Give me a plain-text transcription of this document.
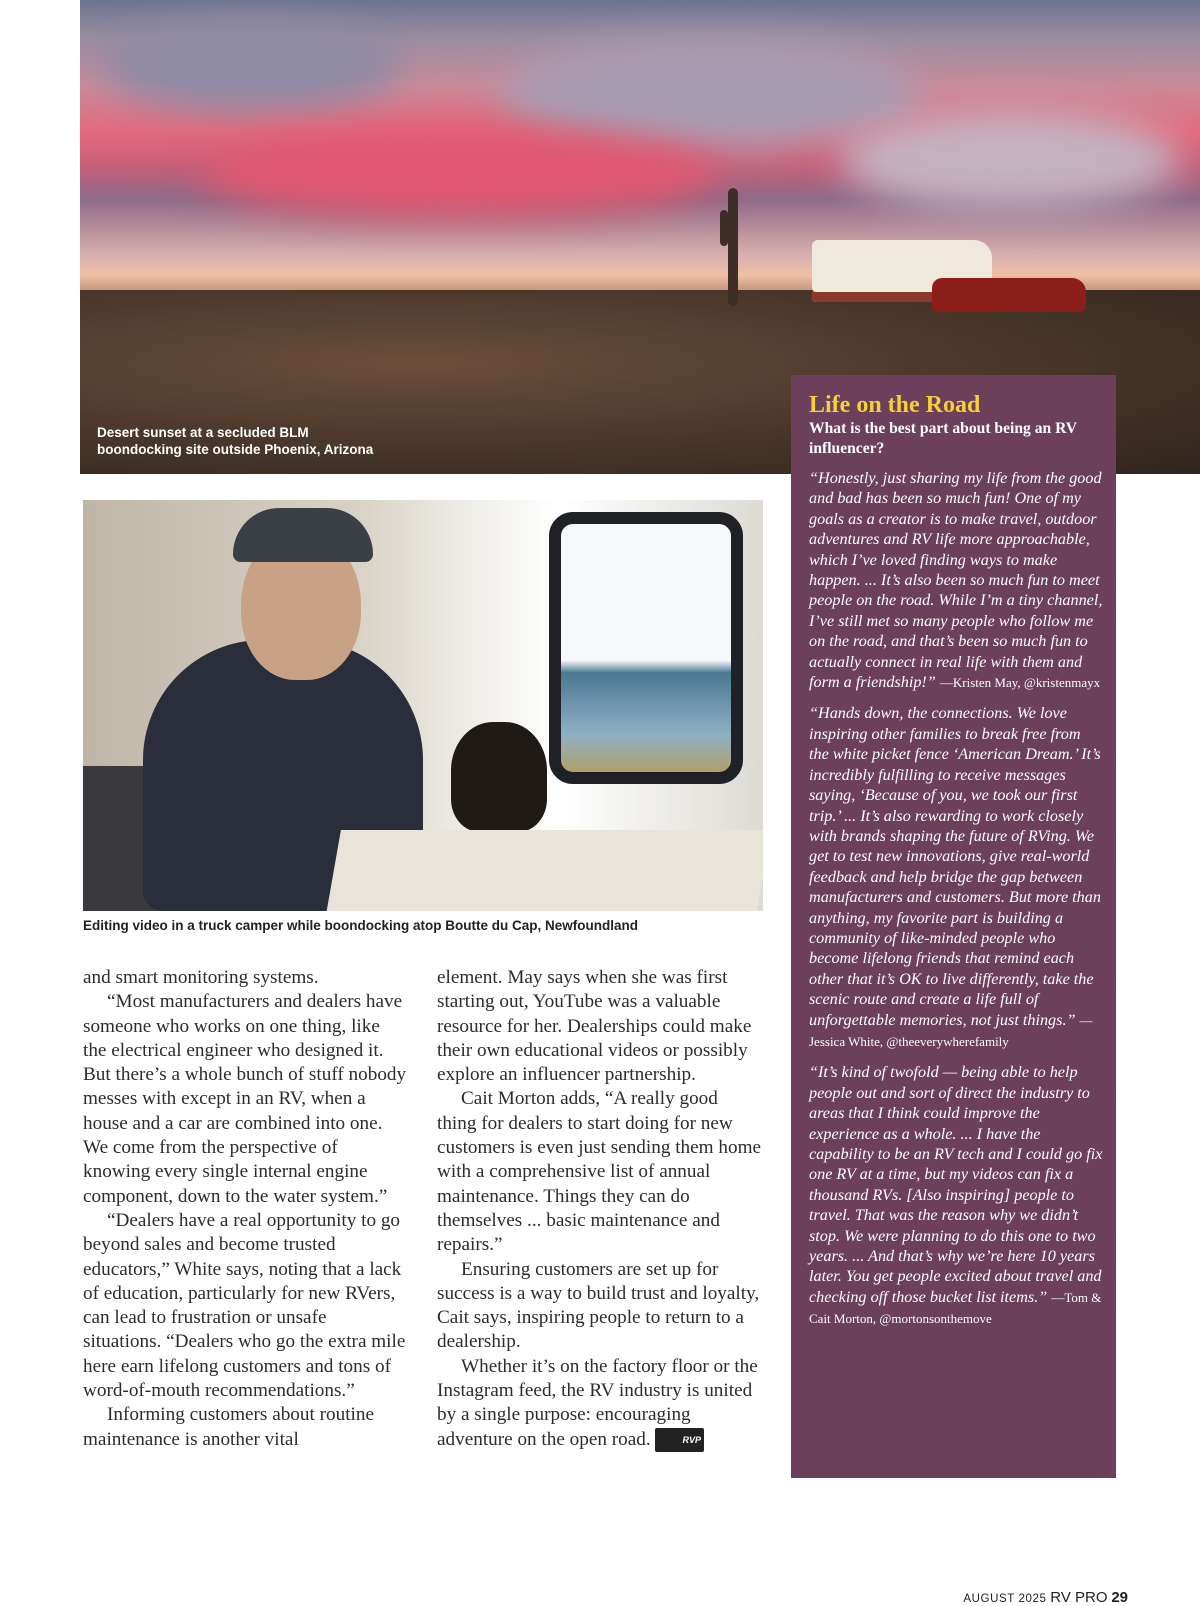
Desert sunset at a secluded BLM
boondocking site outside Phoenix, Arizona
Editing video in a truck camper while boondocking atop Boutte du Cap, Newfoundland

and smart monitoring systems.

“Most manufacturers and dealers have someone who works on one thing, like the electrical engineer who designed it. But there’s a whole bunch of stuff nobody messes with except in an RV, when a house and a car are combined into one. We come from the perspective of knowing every single internal engine component, down to the water system.”

“Dealers have a real opportunity to go beyond sales and become trusted educators,” White says, noting that a lack of education, particularly for new RVers, can lead to frustration or unsafe situations. “Dealers who go the extra mile here earn lifelong customers and tons of word-of-mouth recommendations.”

Informing customers about routine maintenance is another vital

element. May says when she was first starting out, YouTube was a valuable resource for her. Dealerships could make their own educational videos or possibly explore an influencer partnership.

Cait Morton adds, “A really good thing for dealers to start doing for new customers is even just sending them home with a comprehensive list of annual maintenance. Things they can do themselves ... basic maintenance and repairs.”

Ensuring customers are set up for success is a way to build trust and loyalty, Cait says, inspiring people to return to a dealership.

Whether it’s on the factory floor or the Instagram feed, the RV industry is united by a single purpose: encouraging adventure on the open road.	RVP

Life on the Road
What is the best part about being an RV influencer?

“Honestly, just sharing my life from the good and bad has been so much fun! One of my goals as a creator is to make travel, outdoor adventures and RV life more approachable, which I’ve loved finding ways to make happen. ... It’s also been so much fun to meet people on the road. While I’m a tiny channel, I’ve still met so many people who follow me on the road, and that’s been so much fun to actually connect in real life with them and form a friendship!” —Kristen May, @kristenmayx

“Hands down, the connections. We love inspiring other families to break free from the white picket fence ‘American Dream.’ It’s incredibly fulfilling to receive messages saying, ‘Because of you, we took our first trip.’ ... It’s also rewarding to work closely with brands shaping the future of RVing. We get to test new innovations, give real-world feedback and help bridge the gap between manufacturers and customers. But more than anything, my favorite part is building a community of like-minded people who become lifelong friends that remind each other that it’s OK to live differently, take the scenic route and create a life full of unforgettable memories, not just things.” —Jessica White, @theeverywherefamily

“It’s kind of twofold — being able to help people out and sort of direct the industry to areas that I think could improve the experience as a whole. ... I have the capability to be an RV tech and I could go fix one RV at a time, but my videos can fix a thousand RVs. [Also inspiring] people to travel. That was the reason why we didn’t stop. We were planning to do this one to two years. ... And that’s why we’re here 10 years later. You get people excited about travel and checking off those bucket list items.” —Tom & Cait Morton, @mortonsonthemove

AUGUST 2025 RV PRO 29
